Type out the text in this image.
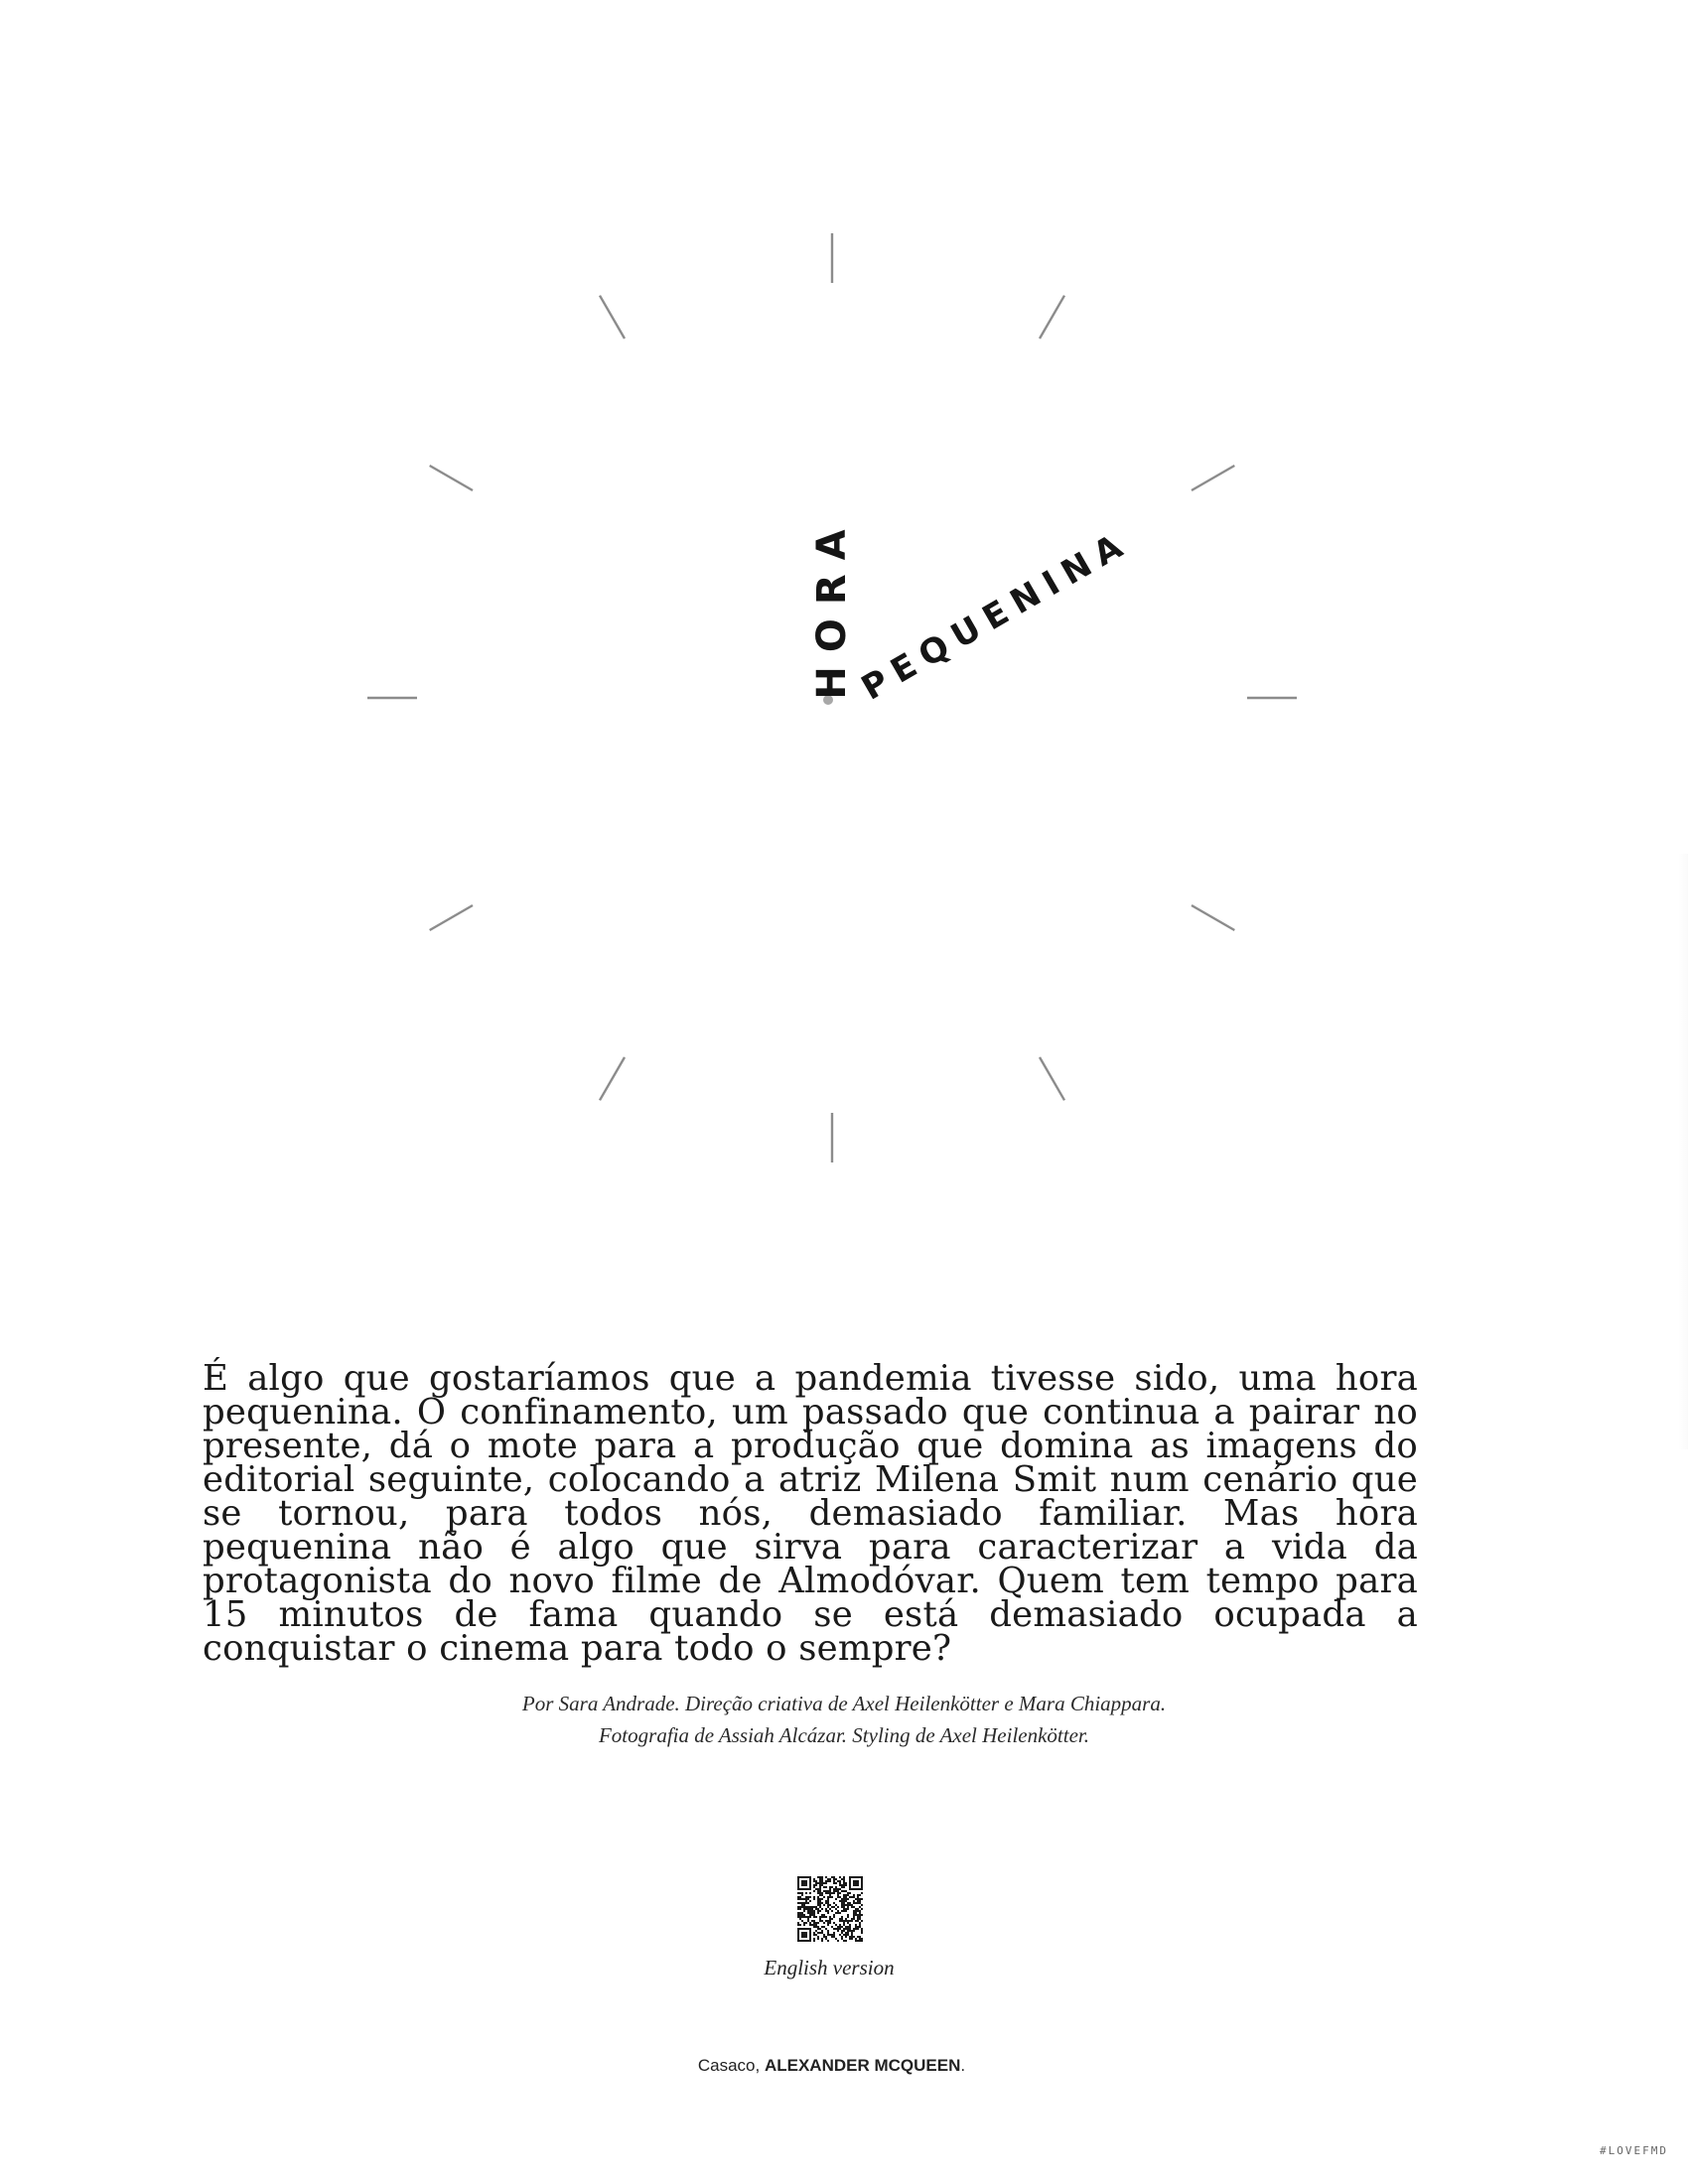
HORA PEQUENINA

É algo que gostaríamos que a pandemia tivesse sido, uma hora pequenina. O confinamento, um passado que continua a pairar no presente, dá o mote para a produção que domina as imagens do editorial seguinte, colocando a atriz Milena Smit num cenário que se tornou, para todos nós, demasiado familiar. Mas hora pequenina não é algo que sirva para caracterizar a vida da protagonista do novo filme de Almodóvar. Quem tem tempo para 15 minutos de fama quando se está demasiado ocupada a conquistar o cinema para todo o sempre?

Por Sara Andrade. Direção criativa de Axel Heilenkötter e Mara Chiappara.

Fotografia de Assiah Alcázar. Styling de Axel Heilenkötter.

English version
Casaco, ALEXANDER MCQUEEN.
#LOVEFMD
